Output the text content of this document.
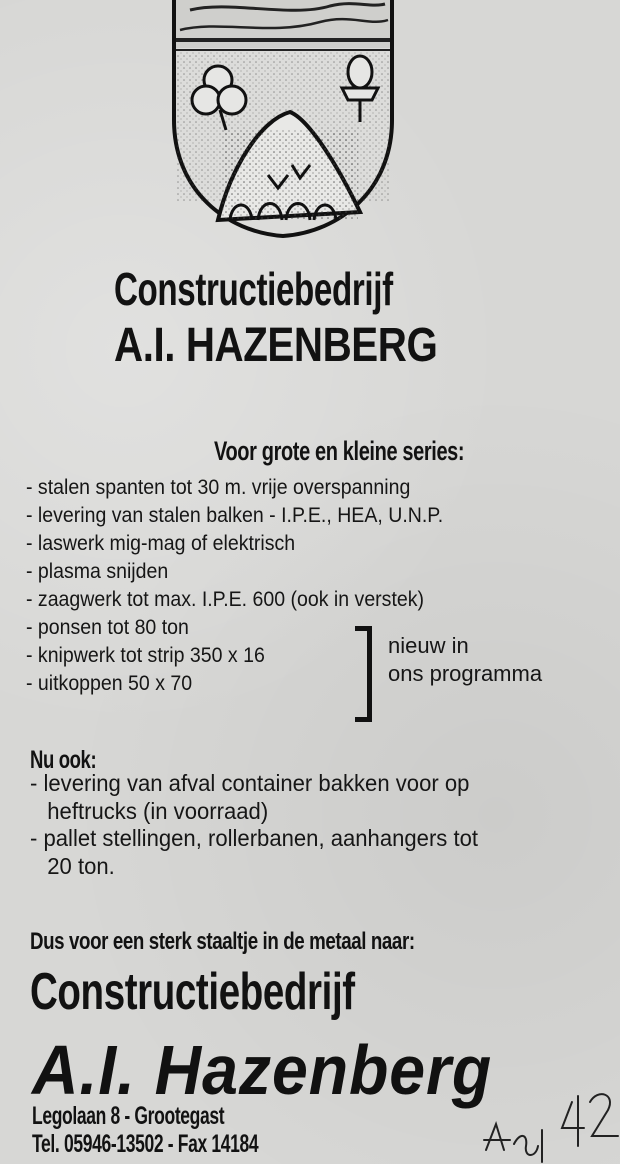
Constructiebedrijf
A.I. HAZENBERG
Voor grote en kleine series:
- stalen spanten tot 30 m. vrije overspanning
- levering van stalen balken - I.P.E., HEA, U.N.P.
- laswerk mig-mag of elektrisch
- plasma snijden
- zaagwerk tot max. I.P.E. 600 (ook in verstek)
- ponsen tot 80 ton
- knipwerk tot strip 350 x 16
- uitkoppen 50 x 70
nieuw in
ons programma
Nu ook:
- levering van afval container bakken voor op
heftrucks (in voorraad)
- pallet stellingen, rollerbanen, aanhangers tot
20 ton.
Dus voor een sterk staaltje in de metaal naar:
Constructiebedrijf
A.I. Hazenberg
Legolaan 8 - Grootegast
Tel. 05946-13502 - Fax 14184
